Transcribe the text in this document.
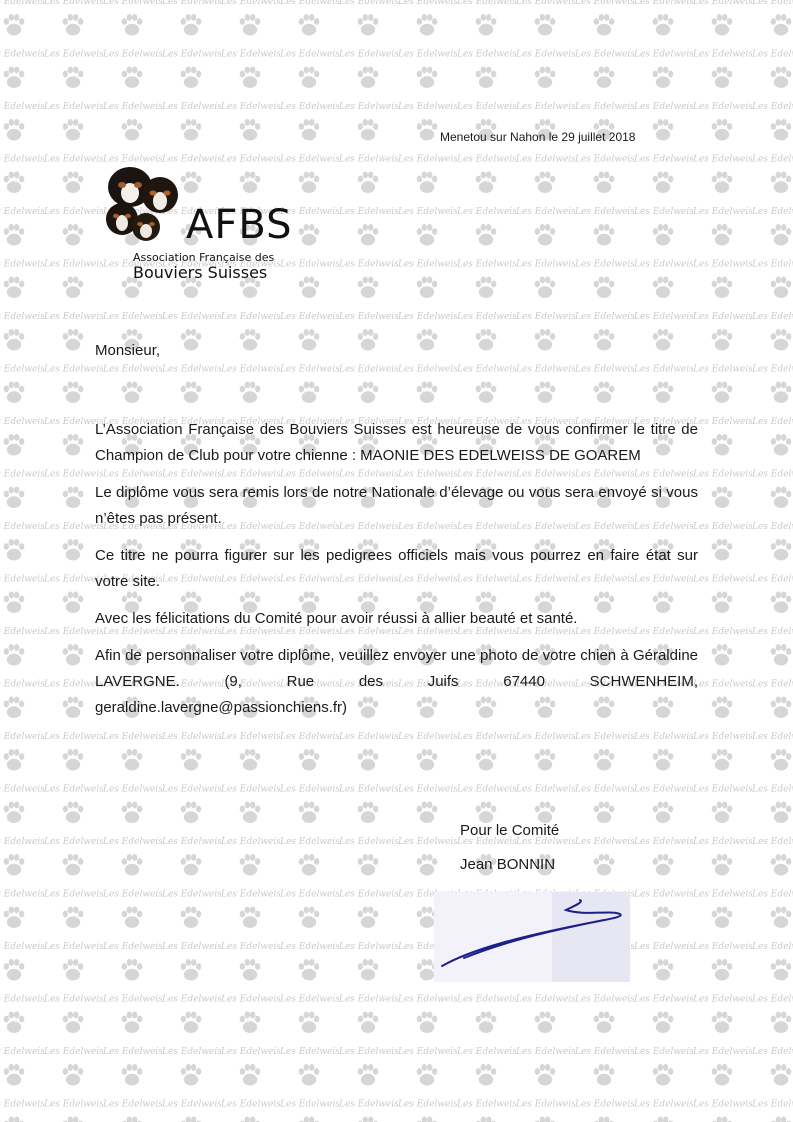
Menetou sur Nahon le 29 juillet 2018
AFBS
Association Française des
Bouviers Suisses
Monsieur,

L’Association Française des Bouviers Suisses est heureuse de vous confirmer le titre de Champion de Club pour votre chienne : MAONIE DES EDELWEISS DE GOAREM

Le diplôme vous sera remis lors de notre Nationale d’élevage ou vous sera envoyé si vous n’êtes pas présent.

Ce titre ne pourra figurer sur les pedigrees officiels mais vous pourrez en faire état sur votre site.

Avec les félicitations du Comité pour avoir réussi à allier beauté et santé.

Afin de personnaliser votre diplôme, veuillez envoyer une photo de votre chien à Géraldine LAVERGNE. (9, Rue des Juifs 67440 SCHWENHEIM, geraldine.lavergne@passionchiens.fr)

Pour le Comité
Jean BONNIN
